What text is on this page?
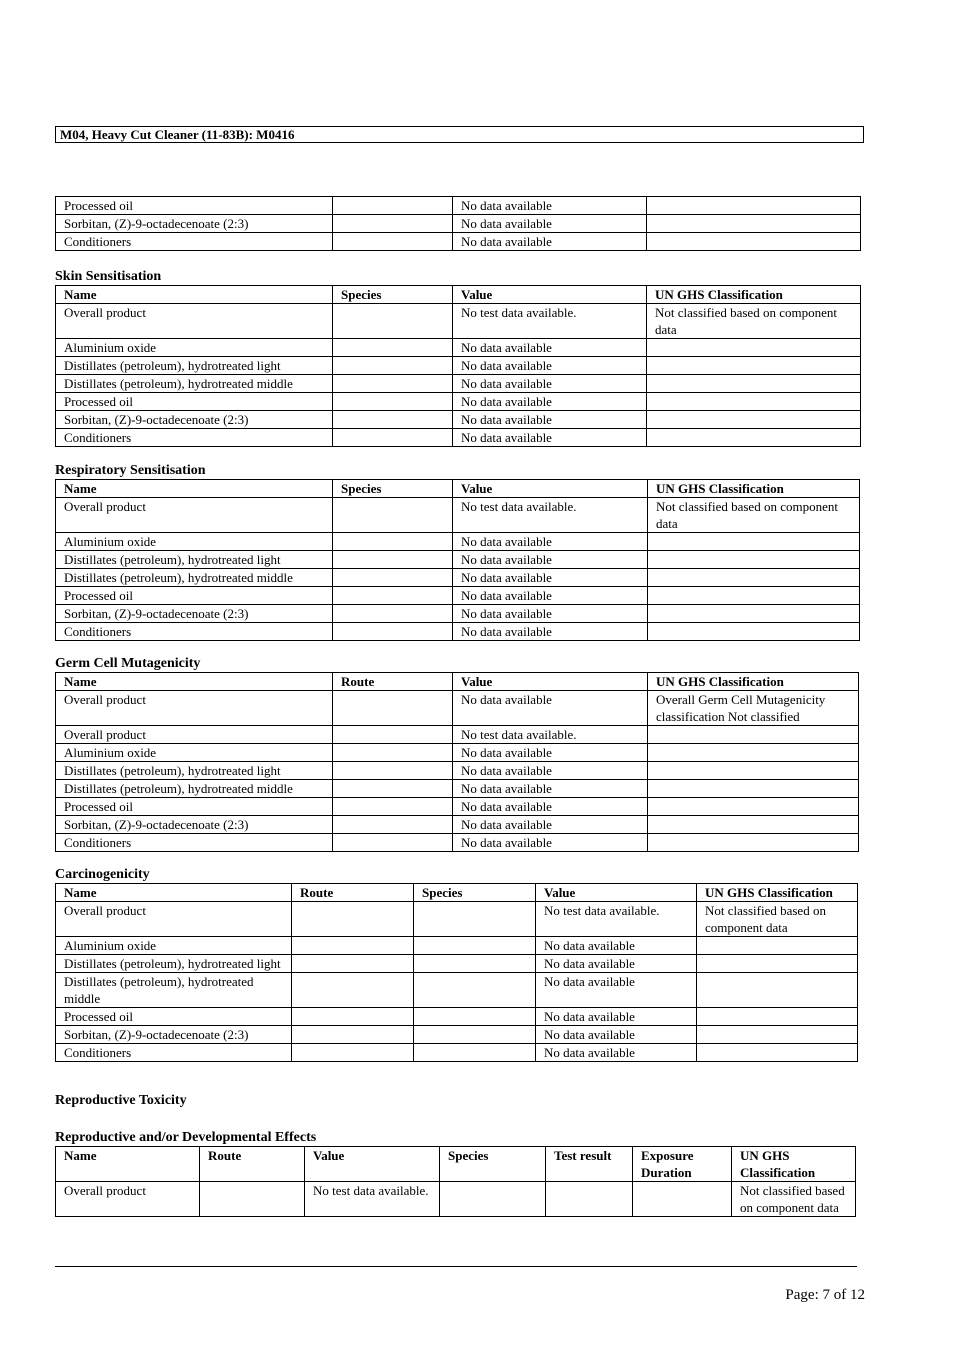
M04, Heavy Cut Cleaner (11-83B): M0416
Processed oil		No data available	
Sorbitan, (Z)-9-octadecenoate (2:3)		No data available	
Conditioners		No data available	

Skin Sensitisation

Name	Species	Value	UN GHS Classification
Overall product		No test data available.	Not classified based on component data
Aluminium oxide		No data available	
Distillates (petroleum), hydrotreated light		No data available	
Distillates (petroleum), hydrotreated middle		No data available	
Processed oil		No data available	
Sorbitan, (Z)-9-octadecenoate (2:3)		No data available	
Conditioners		No data available	

Respiratory Sensitisation

Name	Species	Value	UN GHS Classification
Overall product		No test data available.	Not classified based on component data
Aluminium oxide		No data available	
Distillates (petroleum), hydrotreated light		No data available	
Distillates (petroleum), hydrotreated middle		No data available	
Processed oil		No data available	
Sorbitan, (Z)-9-octadecenoate (2:3)		No data available	
Conditioners		No data available	

Germ Cell Mutagenicity

Name	Route	Value	UN GHS Classification
Overall product		No data available	Overall Germ Cell Mutagenicity classification Not classified
Overall product		No test data available.	
Aluminium oxide		No data available	
Distillates (petroleum), hydrotreated light		No data available	
Distillates (petroleum), hydrotreated middle		No data available	
Processed oil		No data available	
Sorbitan, (Z)-9-octadecenoate (2:3)		No data available	
Conditioners		No data available	

Carcinogenicity

Name	Route	Species	Value	UN GHS Classification
Overall product			No test data available.	Not classified based on component data
Aluminium oxide			No data available	
Distillates (petroleum), hydrotreated light			No data available	
Distillates (petroleum), hydrotreated middle			No data available	
Processed oil			No data available	
Sorbitan, (Z)-9-octadecenoate (2:3)			No data available	
Conditioners			No data available	

Reproductive Toxicity

Reproductive and/or Developmental Effects

Name	Route	Value	Species	Test result	Exposure Duration	UN GHS Classification
Overall product		No test data available.				Not classified based on component data
Page: 7 of 12
